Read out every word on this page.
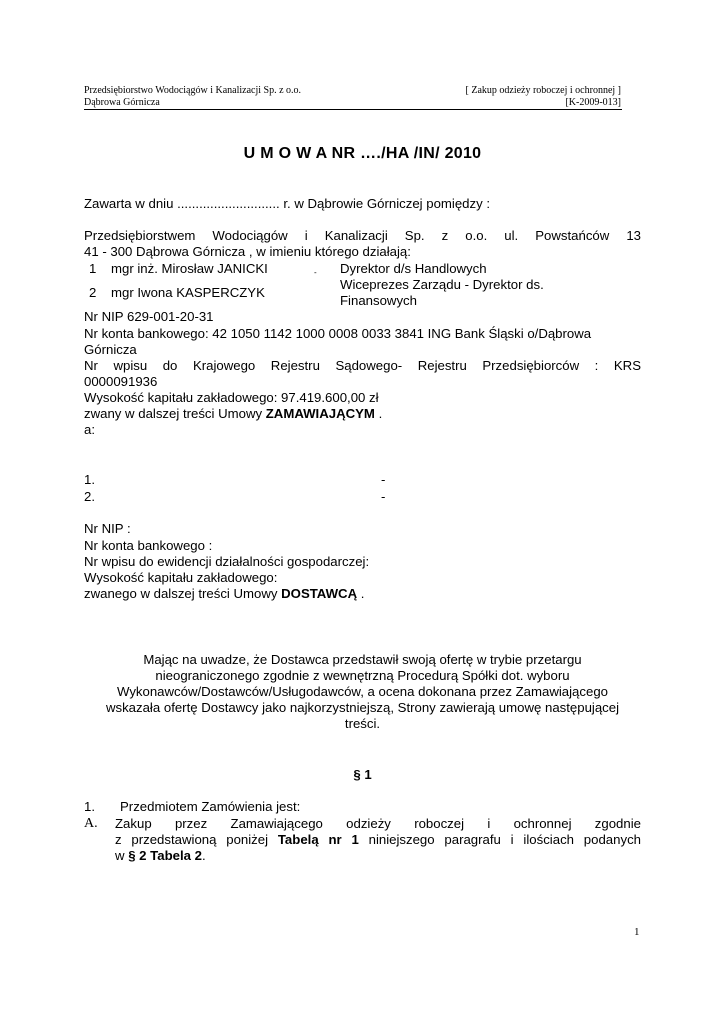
Przedsiębiorstwo Wodociągów i Kanalizacji Sp. z o.o.
Dąbrowa Górnicza
[ Zakup odzieży roboczej i ochronnej ]
[K-2009-013]
U M O W A NR …./HA /IN/ 2010
Zawarta w dniu ............................ r. w Dąbrowie Górniczej pomiędzy :
Przedsiębiorstwem Wodociągów i Kanalizacji Sp. z o.o. ul. Powstańców 13
41 - 300 Dąbrowa Górnicza , w imieniu którego działają:
1 mgr inż. Mirosław JANICKI	- Dyrektor d/s Handlowych
2 mgr Iwona KASPERCZYK
Wiceprezes Zarządu - Dyrektor ds.
Finansowych
Nr NIP 629-001-20-31
Nr konta bankowego: 42 1050 1142 1000 0008 0033 3841 ING Bank Śląski o/Dąbrowa
Górnicza
Nr wpisu do Krajowego Rejestru Sądowego- Rejestru Przedsiębiorców : KRS
0000091936
Wysokość kapitału zakładowego: 97.419.600,00 zł
zwany w dalszej treści Umowy ZAMAWIAJĄCYM .
a:
1.	-
2.	-
Nr NIP :
Nr konta bankowego :
Nr wpisu do ewidencji działalności gospodarczej:
Wysokość kapitału zakładowego:
zwanego w dalszej treści Umowy DOSTAWCĄ .
Mając na uwadze, że Dostawca przedstawił swoją ofertę w trybie przetargu
nieograniczonego zgodnie z wewnętrzną Procedurą Spółki dot. wyboru
Wykonawców/Dostawców/Usługodawców, a ocena dokonana przez Zamawiającego
wskazała ofertę Dostawcy jako najkorzystniejszą, Strony zawierają umowę następującej
treści.
§ 1
1. Przedmiotem Zamówienia jest:
A. Zakup przez Zamawiającego odzieży roboczej i ochronnej zgodnie
z przedstawioną poniżej Tabelą nr 1 niniejszego paragrafu i ilościach podanych
w § 2 Tabela 2.
1
